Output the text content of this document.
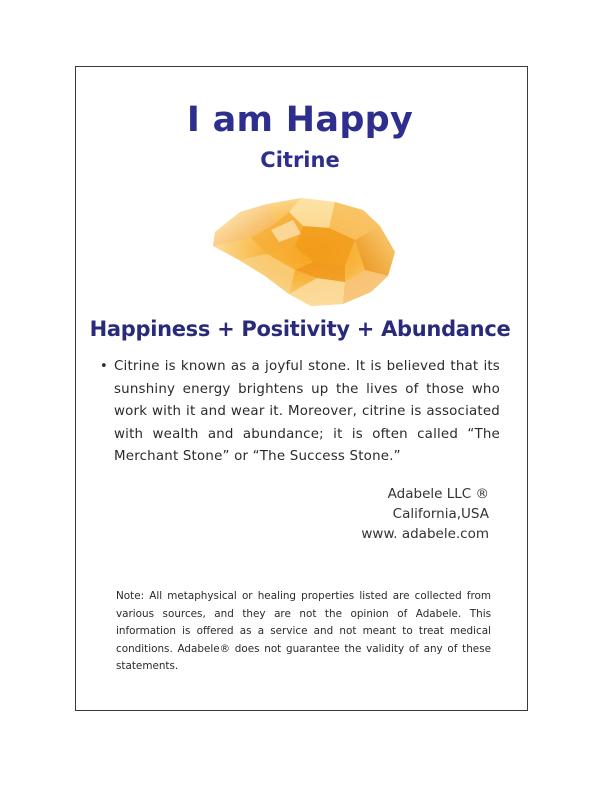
I am Happy
Citrine
Happiness + Positivity + Abundance
• Citrine is known as a joyful stone. It is believed that its sunshiny energy brightens up the lives of those who work with it and wear it. Moreover, citrine is associated with wealth and abundance; it is often called “The Merchant Stone” or “The Success Stone.”
Adabele LLC ®
California,USA
www. adabele.com
Note: All metaphysical or healing properties listed are collected from various sources, and they are not the opinion of Adabele. This information is offered as a service and not meant to treat medical conditions. Adabele® does not guarantee the validity of any of these statements.
